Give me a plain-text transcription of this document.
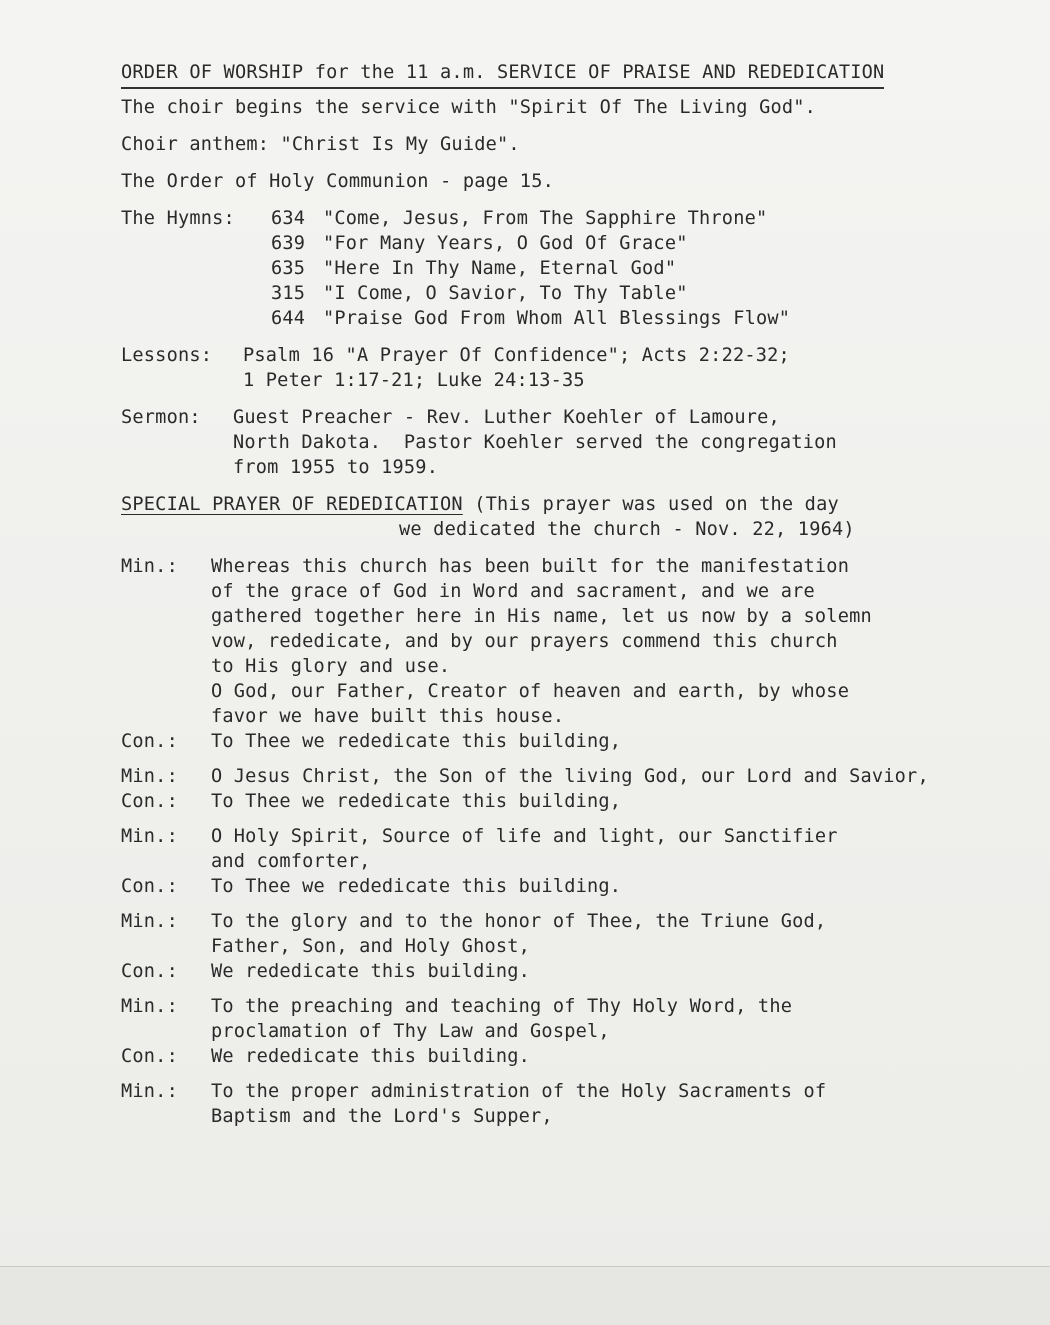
ORDER OF WORSHIP for the 11 a.m. SERVICE OF PRAISE AND REDEDICATION
The choir begins the service with "Spirit Of The Living God".
Choir anthem: "Christ Is My Guide".
The Order of Holy Communion - page 15.
The Hymns:	634 "Come, Jesus, From The Sapphire Throne"
639 "For Many Years, O God Of Grace"
635 "Here In Thy Name, Eternal God"
315 "I Come, O Savior, To Thy Table"
644 "Praise God From Whom All Blessings Flow"
Lessons:	Psalm 16 "A Prayer Of Confidence"; Acts 2:22-32;
1 Peter 1:17-21; Luke 24:13-35
Sermon:	Guest Preacher - Rev. Luther Koehler of Lamoure,
North Dakota.  Pastor Koehler served the congregation
from 1955 to 1959.
SPECIAL PRAYER OF REDEDICATION (This prayer was used on the day
we dedicated the church - Nov. 22, 1964)
Min.:	Whereas this church has been built for the manifestation
of the grace of God in Word and sacrament, and we are
gathered together here in His name, let us now by a solemn
vow, rededicate, and by our prayers commend this church
to His glory and use.
O God, our Father, Creator of heaven and earth, by whose
favor we have built this house.
Con.:	To Thee we rededicate this building,
Min.:	O Jesus Christ, the Son of the living God, our Lord and Savior,
Con.:	To Thee we rededicate this building,
Min.:	O Holy Spirit, Source of life and light, our Sanctifier
and comforter,
Con.:	To Thee we rededicate this building.
Min.:	To the glory and to the honor of Thee, the Triune God,
Father, Son, and Holy Ghost,
Con.:	We rededicate this building.
Min.:	To the preaching and teaching of Thy Holy Word, the
proclamation of Thy Law and Gospel,
Con.:	We rededicate this building.
Min.:	To the proper administration of the Holy Sacraments of
Baptism and the Lord's Supper,
